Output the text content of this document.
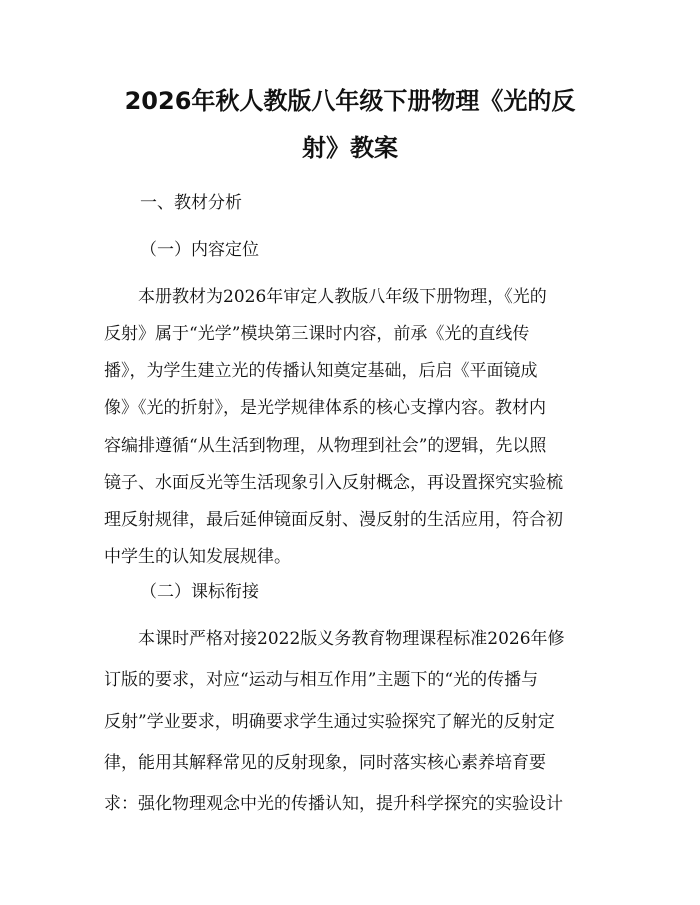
2026年秋人教版八年级下册物理《光的反
射》教案
一、教材分析
（一）内容定位
　　本册教材为2026年审定人教版八年级下册物理，《光的
反射》属于“光学”模块第三课时内容，前承《光的直线传
播》，为学生建立光的传播认知奠定基础，后启《平面镜成
像》《光的折射》，是光学规律体系的核心支撑内容。教材内
容编排遵循“从生活到物理，从物理到社会”的逻辑，先以照
镜子、水面反光等生活现象引入反射概念，再设置探究实验梳
理反射规律，最后延伸镜面反射、漫反射的生活应用，符合初
中学生的认知发展规律。
（二）课标衔接
　　本课时严格对接2022版义务教育物理课程标准2026年修
订版的要求，对应“运动与相互作用”主题下的“光的传播与
反射”学业要求，明确要求学生通过实验探究了解光的反射定
律，能用其解释常见的反射现象，同时落实核心素养培育要
求：强化物理观念中光的传播认知，提升科学探究的实验设计
